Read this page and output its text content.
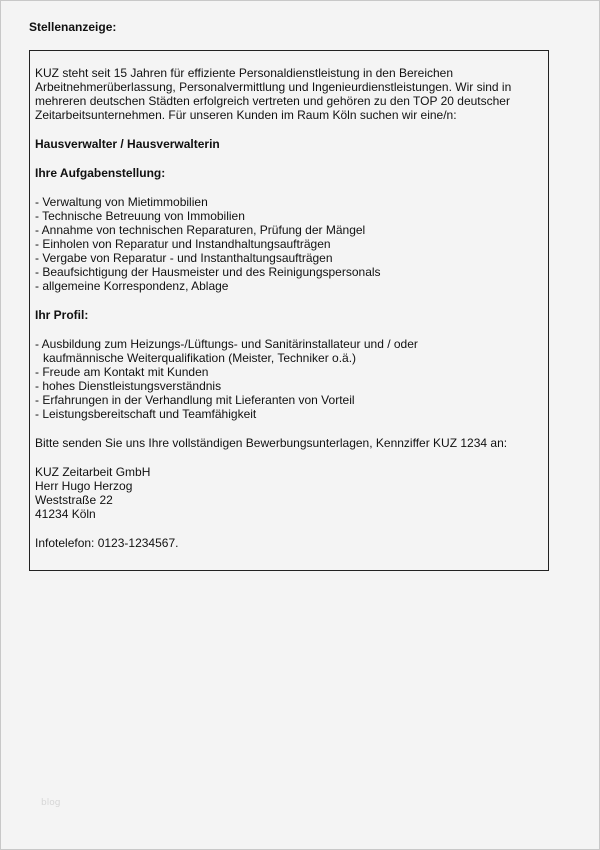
Stellenanzeige:

KUZ steht seit 15 Jahren für effiziente Personaldienstleistung in den Bereichen

Arbeitnehmerüberlassung, Personalvermittlung und Ingenieurdienstleistungen. Wir sind in

mehreren deutschen Städten erfolgreich vertreten und gehören zu den TOP 20 deutscher

Zeitarbeitsunternehmen. Für unseren Kunden im Raum Köln suchen wir eine/n:

Hausverwalter / Hausverwalterin

Ihre Aufgabenstellung:

- Verwaltung von Mietimmobilien

- Technische Betreuung von Immobilien

- Annahme von technischen Reparaturen, Prüfung der Mängel

- Einholen von Reparatur und Instandhaltungsaufträgen

- Vergabe von Reparatur - und Instanthaltungsaufträgen

- Beaufsichtigung der Hausmeister und des Reinigungspersonals

- allgemeine Korrespondenz, Ablage

Ihr Profil:

- Ausbildung zum Heizungs-/Lüftungs- und Sanitärinstallateur und / oder

kaufmännische Weiterqualifikation (Meister, Techniker o.ä.)

- Freude am Kontakt mit Kunden

- hohes Dienstleistungsverständnis

- Erfahrungen in der Verhandlung mit Lieferanten von Vorteil

- Leistungsbereitschaft und Teamfähigkeit

Bitte senden Sie uns Ihre vollständigen Bewerbungsunterlagen, Kennziffer KUZ 1234 an:

KUZ Zeitarbeit GmbH

Herr Hugo Herzog

Weststraße 22

41234 Köln

Infotelefon: 0123-1234567.

blog
